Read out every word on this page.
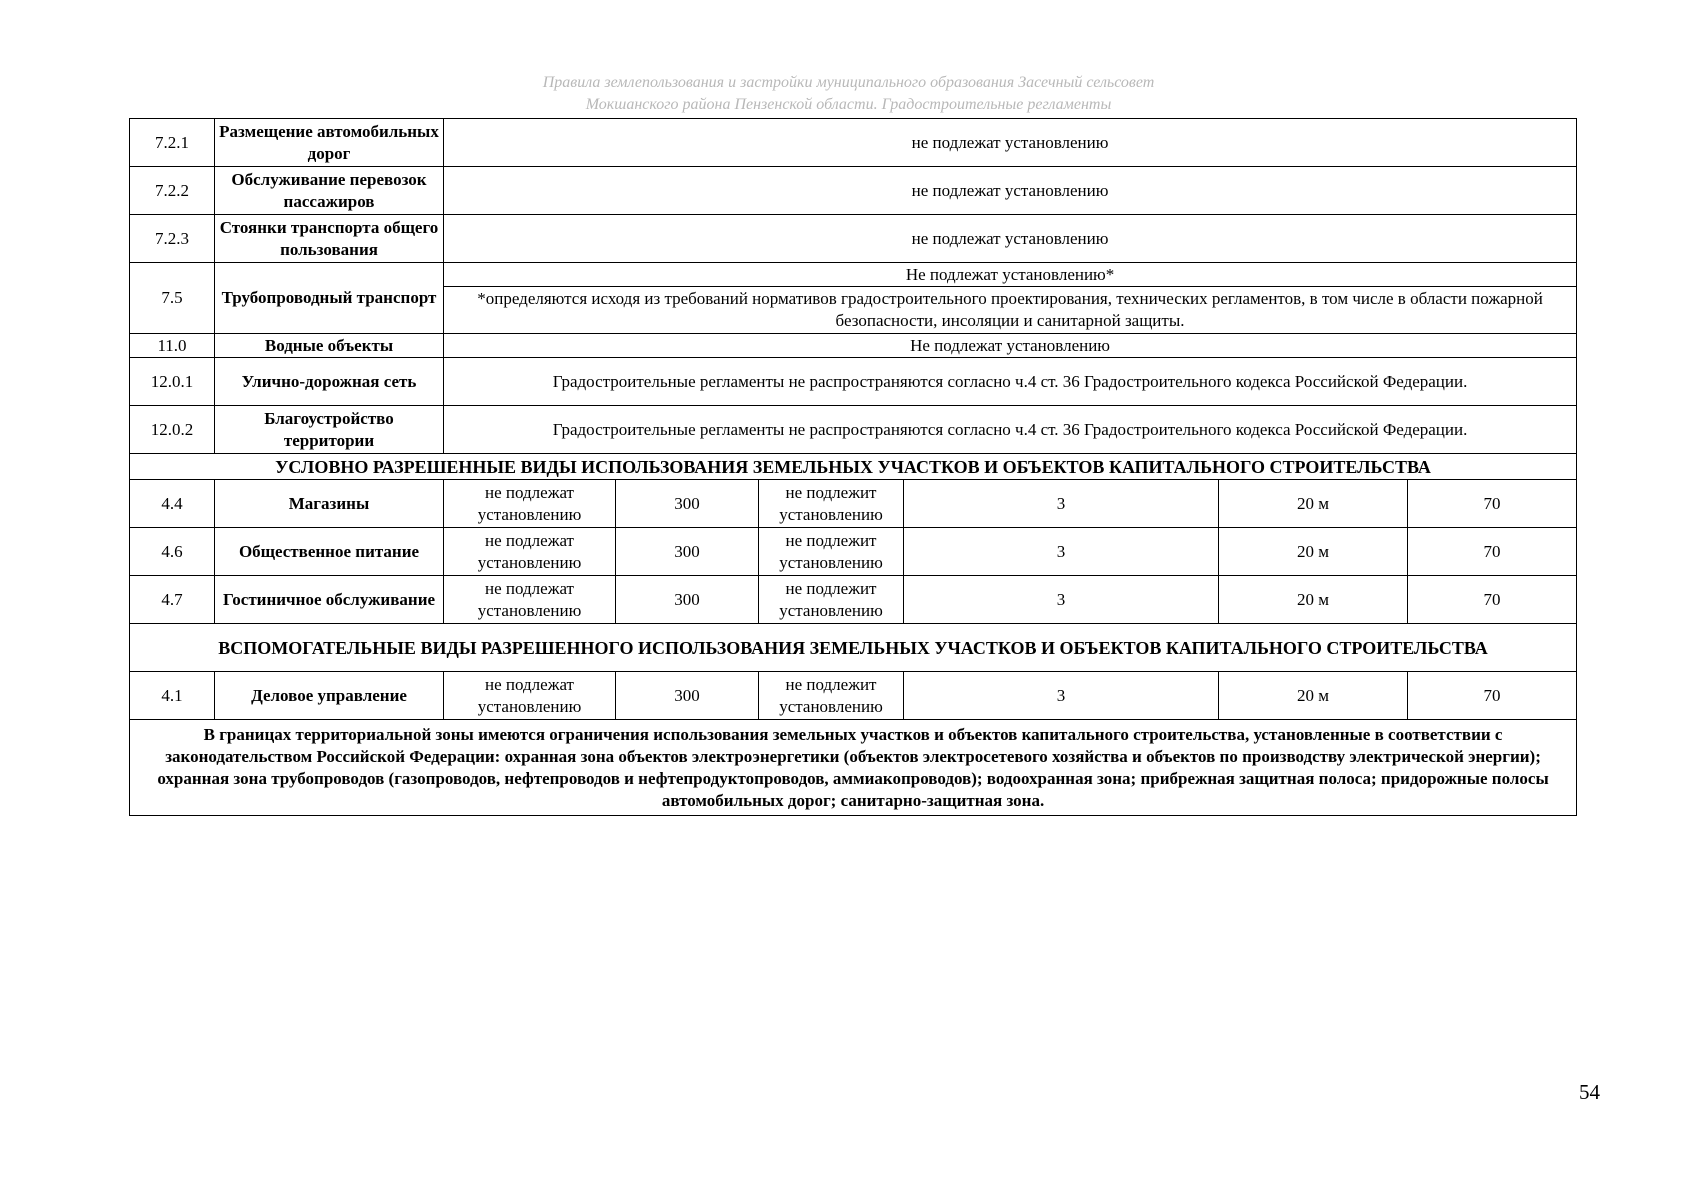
Правила землепользования и застройки муниципального образования Засечный сельсовет
Мокшанского района Пензенской области. Градостроительные регламенты
7.2.1	Размещение автомобильных дорог	не подлежат установлению					
7.2.2	Обслуживание перевозок пассажиров	не подлежат установлению					
7.2.3	Стоянки транспорта общего пользования	не подлежат установлению					
7.5	Трубопроводный транспорт	Не подлежат установлению*					
		*определяются исходя из требований нормативов градостроительного проектирования, технических регламентов, в том числе в области пожарной безопасности, инсоляции и санитарной защиты.					
11.0	Водные объекты	Не подлежат установлению					
12.0.1	Улично-дорожная сеть	Градостроительные регламенты не распространяются согласно ч.4 ст. 36 Градостроительного кодекса Российской Федерации.					
12.0.2	Благоустройство территории	Градостроительные регламенты не распространяются согласно ч.4 ст. 36 Градостроительного кодекса Российской Федерации.					
УСЛОВНО РАЗРЕШЕННЫЕ ВИДЫ ИСПОЛЬЗОВАНИЯ ЗЕМЕЛЬНЫХ УЧАСТКОВ И ОБЪЕКТОВ КАПИТАЛЬНОГО СТРОИТЕЛЬСТВА							
4.4	Магазины	не подлежат установлению	300	не подлежит установлению	3	20 м	70
4.6	Общественное питание	не подлежат установлению	300	не подлежит установлению	3	20 м	70
4.7	Гостиничное обслуживание	не подлежат установлению	300	не подлежит установлению	3	20 м	70
ВСПОМОГАТЕЛЬНЫЕ ВИДЫ РАЗРЕШЕННОГО ИСПОЛЬЗОВАНИЯ ЗЕМЕЛЬНЫХ УЧАСТКОВ И ОБЪЕКТОВ КАПИТАЛЬНОГО СТРОИТЕЛЬСТВА							
4.1	Деловое управление	не подлежат установлению	300	не подлежит установлению	3	20 м	70
В границах территориальной зоны имеются ограничения использования земельных участков и объектов капитального строительства, установленные в соответствии с законодательством Российской Федерации: охранная зона объектов электроэнергетики (объектов электросетевого хозяйства и объектов по производству электрической энергии); охранная зона трубопроводов (газопроводов, нефтепроводов и нефтепродуктопроводов, аммиакопроводов); водоохранная зона; прибрежная защитная полоса; придорожные полосы автомобильных дорог; санитарно-защитная зона.							
54
